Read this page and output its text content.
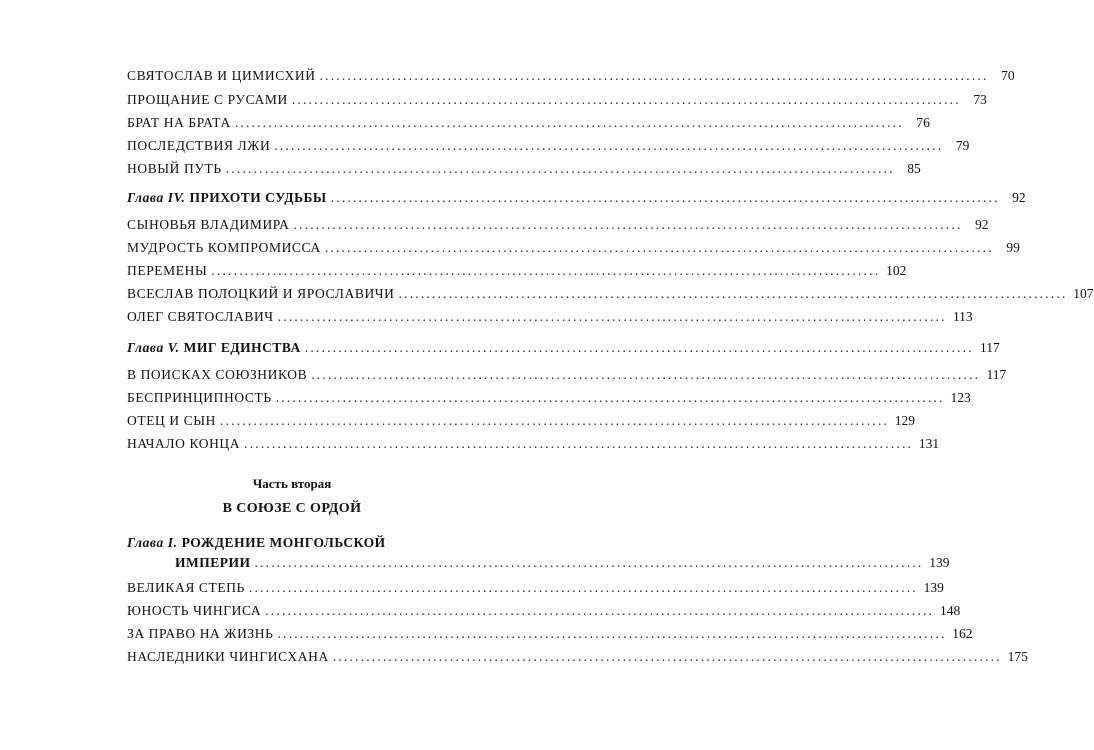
СВЯТОСЛАВ И ЦИМИСХИЙ ........................................................................................................................ 70
ПРОЩАНИЕ С РУСАМИ ........................................................................................................................ 73
БРАТ НА БРАТА ........................................................................................................................ 76
ПОСЛЕДСТВИЯ ЛЖИ ........................................................................................................................ 79
НОВЫЙ ПУТЬ ........................................................................................................................ 85
Глава IV. ПРИХОТИ СУДЬБЫ ........................................................................................................................ 92
СЫНОВЬЯ ВЛАДИМИРА ........................................................................................................................ 92
МУДРОСТЬ КОМПРОМИССА ........................................................................................................................ 99
ПЕРЕМЕНЫ ........................................................................................................................ 102
ВСЕСЛАВ ПОЛОЦКИЙ И ЯРОСЛАВИЧИ ........................................................................................................................ 107
ОЛЕГ СВЯТОСЛАВИЧ ........................................................................................................................ 113
Глава V. МИГ ЕДИНСТВА ........................................................................................................................ 117
В ПОИСКАХ СОЮЗНИКОВ ........................................................................................................................ 117
БЕСПРИНЦИПНОСТЬ ........................................................................................................................ 123
ОТЕЦ И СЫН ........................................................................................................................ 129
НАЧАЛО КОНЦА ........................................................................................................................ 131
Часть вторая
В СОЮЗЕ С ОРДОЙ
Глава I. РОЖДЕНИЕ МОНГОЛЬСКОЙ
ИМПЕРИИ ........................................................................................................................ 139
ВЕЛИКАЯ СТЕПЬ ........................................................................................................................ 139
ЮНОСТЬ ЧИНГИСА ........................................................................................................................ 148
ЗА ПРАВО НА ЖИЗНЬ ........................................................................................................................ 162
НАСЛЕДНИКИ ЧИНГИСХАНА ........................................................................................................................ 175
